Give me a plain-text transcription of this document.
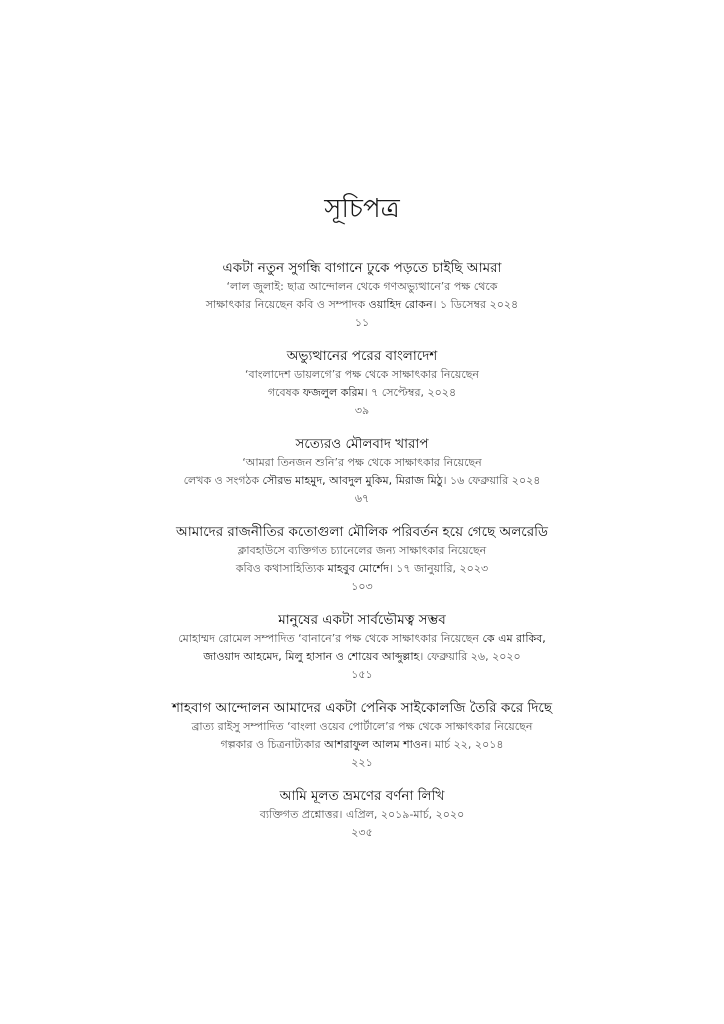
সূচিপত্র
একটা নতুন সুগন্ধি বাগানে ঢুকে পড়তে চাইছি আমরা
‘লাল জুলাই: ছাত্র আন্দোলন থেকে গণঅভ্যুত্থানে’র পক্ষ থেকে
সাক্ষাৎকার নিয়েছেন কবি ও সম্পাদক ওয়াহিদ রোকন। ১ ডিসেম্বর ২০২৪
১১
অভ্যুত্থানের পরের বাংলাদেশ
‘বাংলাদেশ ডায়লগে’র পক্ষ থেকে সাক্ষাৎকার নিয়েছেন
গবেষক ফজলুল করিম। ৭ সেপ্টেম্বর, ২০২৪
৩৯
সত্যেরও মৌলবাদ খারাপ
‘আমরা তিনজন শুনি’র পক্ষ থেকে সাক্ষাৎকার নিয়েছেন
লেখক ও সংগঠক সৌরভ মাহমুদ, আবদুল মুকিম, মিরাজ মিঠু। ১৬ ফেব্রুয়ারি ২০২৪
৬৭
আমাদের রাজনীতির কতোগুলা মৌলিক পরিবর্তন হয়ে গেছে অলরেডি
ক্লাবহাউসে ব্যক্তিগত চ্যানেলের জন্য সাক্ষাৎকার নিয়েছেন
কবিও কথাসাহিত্যিক মাহবুব মোর্শেদ। ১৭ জানুয়ারি, ২০২৩
১০৩
মানুষের একটা সার্বভৌমত্ব সম্ভব
মোহাম্মদ রোমেল সম্পাদিত ‘বানানে’র পক্ষ থেকে সাক্ষাৎকার নিয়েছেন কে এম রাকিব,
জাওয়াদ আহমেদ, মিলু হাসান ও শোয়েব আব্দুল্লাহ। ফেব্রুয়ারি ২৬, ২০২০
১৫১
শাহবাগ আন্দোলন আমাদের একটা পেনিক সাইকোলজি তৈরি করে দিছে
ব্রাত্য রাইসু সম্পাদিত ‘বাংলা ওয়েব পোর্টালে’র পক্ষ থেকে সাক্ষাৎকার নিয়েছেন
গল্পকার ও চিত্রনাট্যকার আশরাফুল আলম শাওন। মার্চ ২২, ২০১৪
২২১
আমি মূলত ভ্রমণের বর্ণনা লিখি
ব্যক্তিগত প্রশ্নোত্তর। এপ্রিল, ২০১৯-মার্চ, ২০২০
২৩৫
